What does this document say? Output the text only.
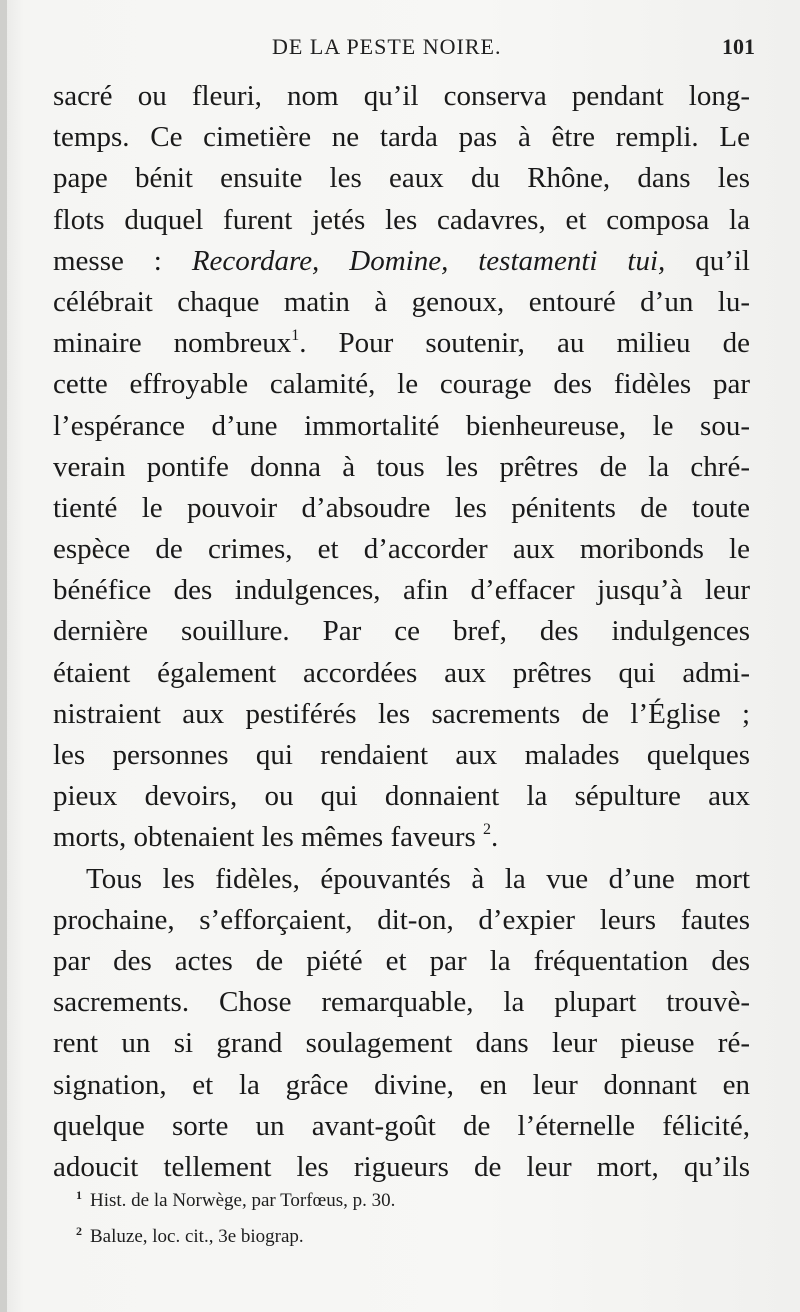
DE LA PESTE NOIRE.	101
sacré ou fleuri, nom qu’il conserva pendant long-
temps. Ce cimetière ne tarda pas à être rempli. Le
pape bénit ensuite les eaux du Rhône, dans les
flots duquel furent jetés les cadavres, et composa la
messe : Recordare, Domine, testamenti tui, qu’il
célébrait chaque matin à genoux, entouré d’un lu-
minaire nombreux$^1$. Pour soutenir, au milieu de
cette effroyable calamité, le courage des fidèles par
l’espérance d’une immortalité bienheureuse, le sou-
verain pontife donna à tous les prêtres de la chré-
tienté le pouvoir d’absoudre les pénitents de toute
espèce de crimes, et d’accorder aux moribonds le
bénéfice des indulgences, afin d’effacer jusqu’à leur
dernière souillure. Par ce bref, des indulgences
étaient également accordées aux prêtres qui admi-
nistraient aux pestiférés les sacrements de l’Église ;
les personnes qui rendaient aux malades quelques
pieux devoirs, ou qui donnaient la sépulture aux
morts, obtenaient les mêmes faveurs $^2$.
Tous les fidèles, épouvantés à la vue d’une mort
prochaine, s’efforçaient, dit-on, d’expier leurs fautes
par des actes de piété et par la fréquentation des
sacrements. Chose remarquable, la plupart trouvè-
rent un si grand soulagement dans leur pieuse ré-
signation, et la grâce divine, en leur donnant en
quelque sorte un avant-goût de l’éternelle félicité,
adoucit tellement les rigueurs de leur mort, qu’ils
$^1$ Hist. de la Norwège, par Torfœus, p. 30.
$^2$ Baluze, loc. cit., 3e biograp.
